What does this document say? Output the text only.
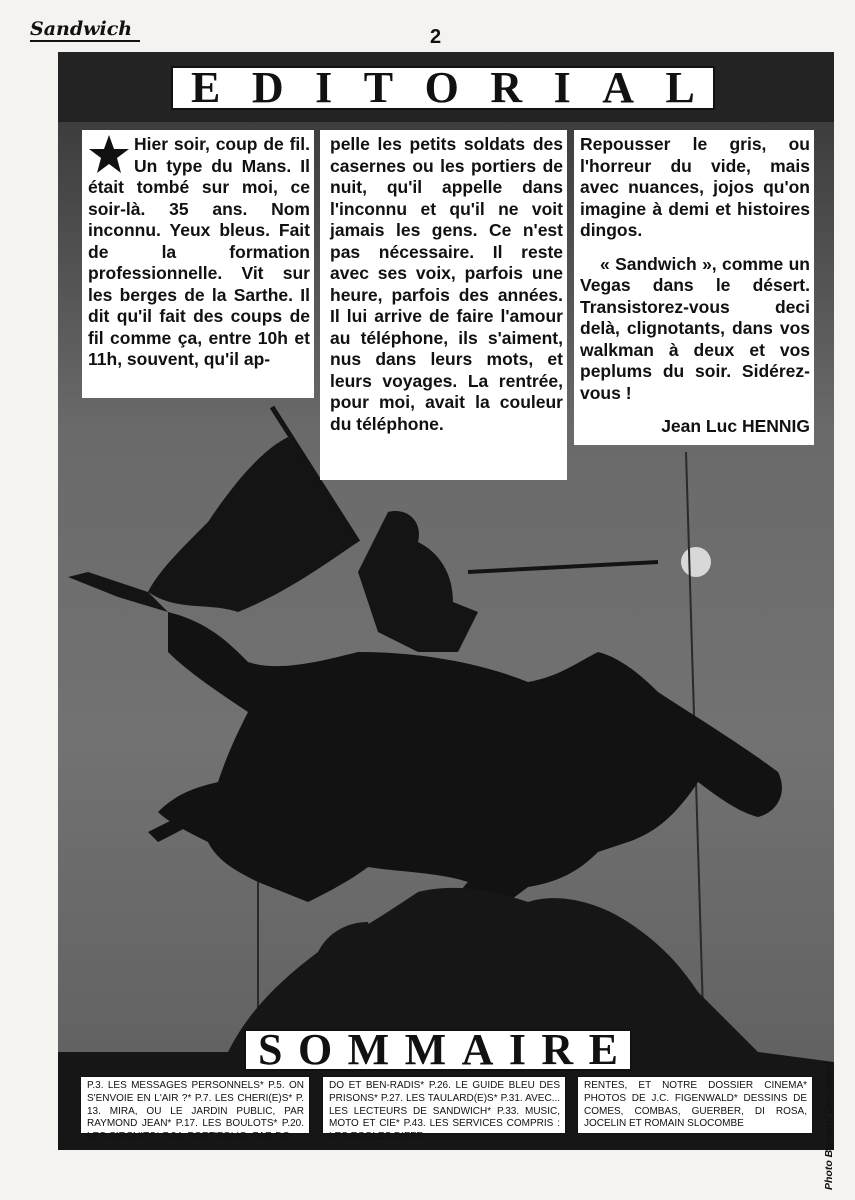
Sandwich	2
E D I T O R I A L
Hier soir, coup de fil. Un type du Mans. Il était tombé sur moi, ce soir-là. 35 ans. Nom inconnu. Yeux bleus. Fait de la formation professionnelle. Vit sur les berges de la Sarthe. Il dit qu'il fait des coups de fil comme ça, entre 10h et 11h, souvent, qu'il ap-
pelle les petits soldats des casernes ou les portiers de nuit, qu'il appelle dans l'inconnu et qu'il ne voit jamais les gens. Ce n'est pas nécessaire. Il reste avec ses voix, parfois une heure, parfois des années. Il lui arrive de faire l'amour au téléphone, ils s'aiment, nus dans leurs mots, et leurs voyages. La rentrée, pour moi, avait la couleur du téléphone.

Repousser le gris, ou l'horreur du vide, mais avec nuances, jojos qu'on imagine à demi et histoires dingos.

« Sandwich », comme un Vegas dans le désert. Transistorez-vous deci delà, clignotants, dans vos walkman à deux et vos peplums du soir. Sidérez-vous !

Jean Luc HENNIG
S O M M A I R E
P.3. LES MESSAGES PERSONNELS* P.5. ON S'ENVOIE EN L'AIR ?* P.7. LES CHERI(E)S* P. 13. MIRA, OU LE JARDIN PUBLIC, PAR RAYMOND JEAN* P.17. LES BOULOTS* P.20. LES CIRCUITS* P.24. PORT'FOLIO, PAR DO-
DO ET BEN-RADIS* P.26. LE GUIDE BLEU DES PRISONS* P.27. LES TAULARD(E)S* P.31. AVEC... LES LECTEURS DE SANDWICH* P.33. MUSIC, MOTO ET CIE* P.43. LES SERVICES COMPRIS : LES ECOLES DIFFE-
RENTES, ET NOTRE DOSSIER CINEMA* PHOTOS DE J.C. FIGENWALD* DESSINS DE COMES, COMBAS, GUERBER, DI ROSA, JOCELIN ET ROMAIN SLOCOMBE	Photo Bernard Descamps
